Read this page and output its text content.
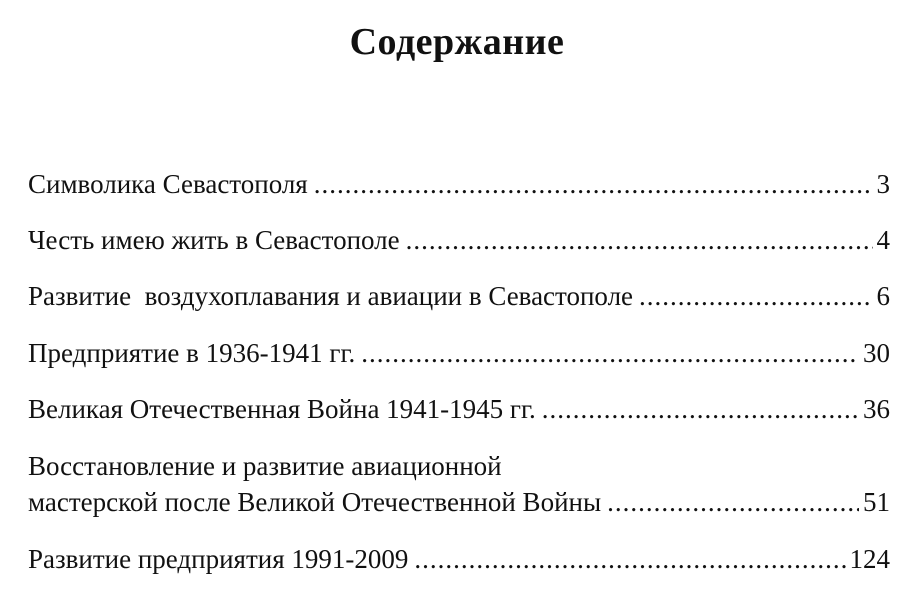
Содержание
Символика Севастополя .....	3
Честь имею жить в Севастополе .....	4
Развитие  воздухоплавания и авиации в Севастополе .....	6
Предприятие в 1936-1941 гг. .....	30
Великая Отечественная Война 1941-1945 гг. .....	36
Восстановление и развитие авиационной
мастерской после Великой Отечественной Войны .....	51
Развитие предприятия 1991-2009 .....	124
